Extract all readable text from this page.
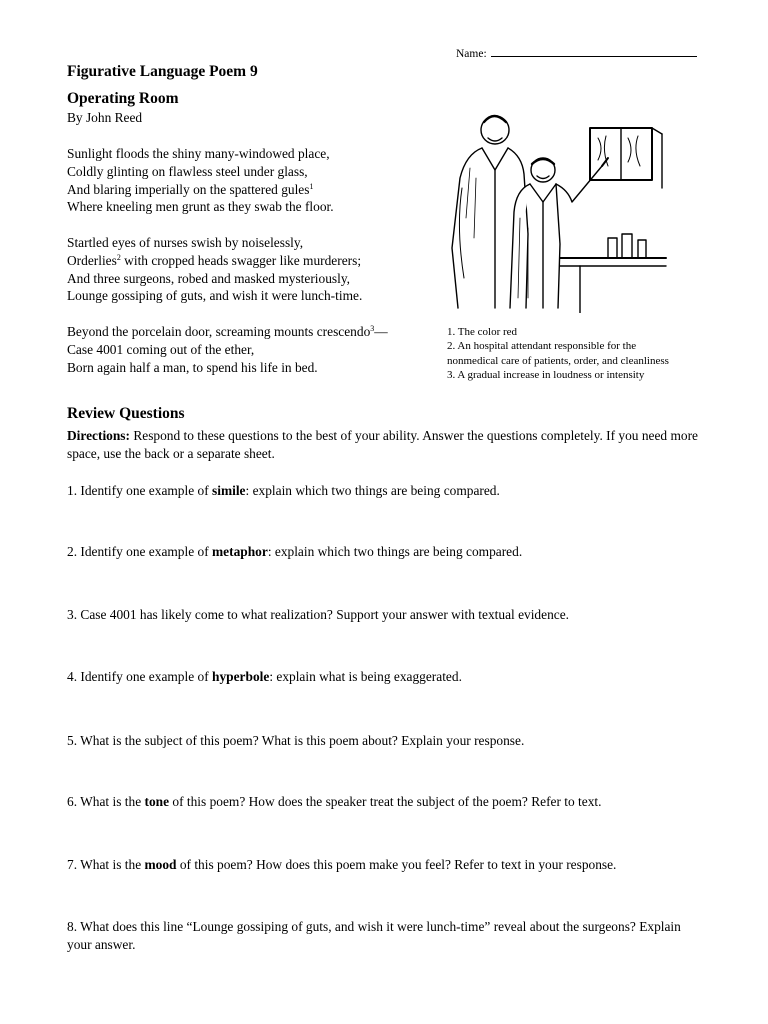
Name:
Figurative Language Poem 9
Operating Room
By John Reed
Sunlight floods the shiny many-windowed place,
Coldly glinting on flawless steel under glass,
And blaring imperially on the spattered gules$^1$
Where kneeling men grunt as they swab the floor.
Startled eyes of nurses swish by noiselessly,
Orderlies$^2$ with cropped heads swagger like murderers;
And three surgeons, robed and masked mysteriously,
Lounge gossiping of guts, and wish it were lunch-time.
Beyond the porcelain door, screaming mounts crescendo$^3$—
Case 4001 coming out of the ether,
Born again half a man, to spend his life in bed.
1. The color red
2. An hospital attendant responsible for the nonmedical care of patients, order, and cleanliness
3. A gradual increase in loudness or intensity
Review Questions
Directions: Respond to these questions to the best of your ability. Answer the questions completely. If you need more space, use the back or a separate sheet.
1. Identify one example of simile: explain which two things are being compared.
2. Identify one example of metaphor: explain which two things are being compared.
3. Case 4001 has likely come to what realization? Support your answer with textual evidence.
4. Identify one example of hyperbole: explain what is being exaggerated.
5. What is the subject of this poem? What is this poem about? Explain your response.
6. What is the tone of this poem? How does the speaker treat the subject of the poem? Refer to text.
7. What is the mood of this poem? How does this poem make you feel? Refer to text in your response.
8. What does this line “Lounge gossiping of guts, and wish it were lunch-time” reveal about the surgeons? Explain your answer.
